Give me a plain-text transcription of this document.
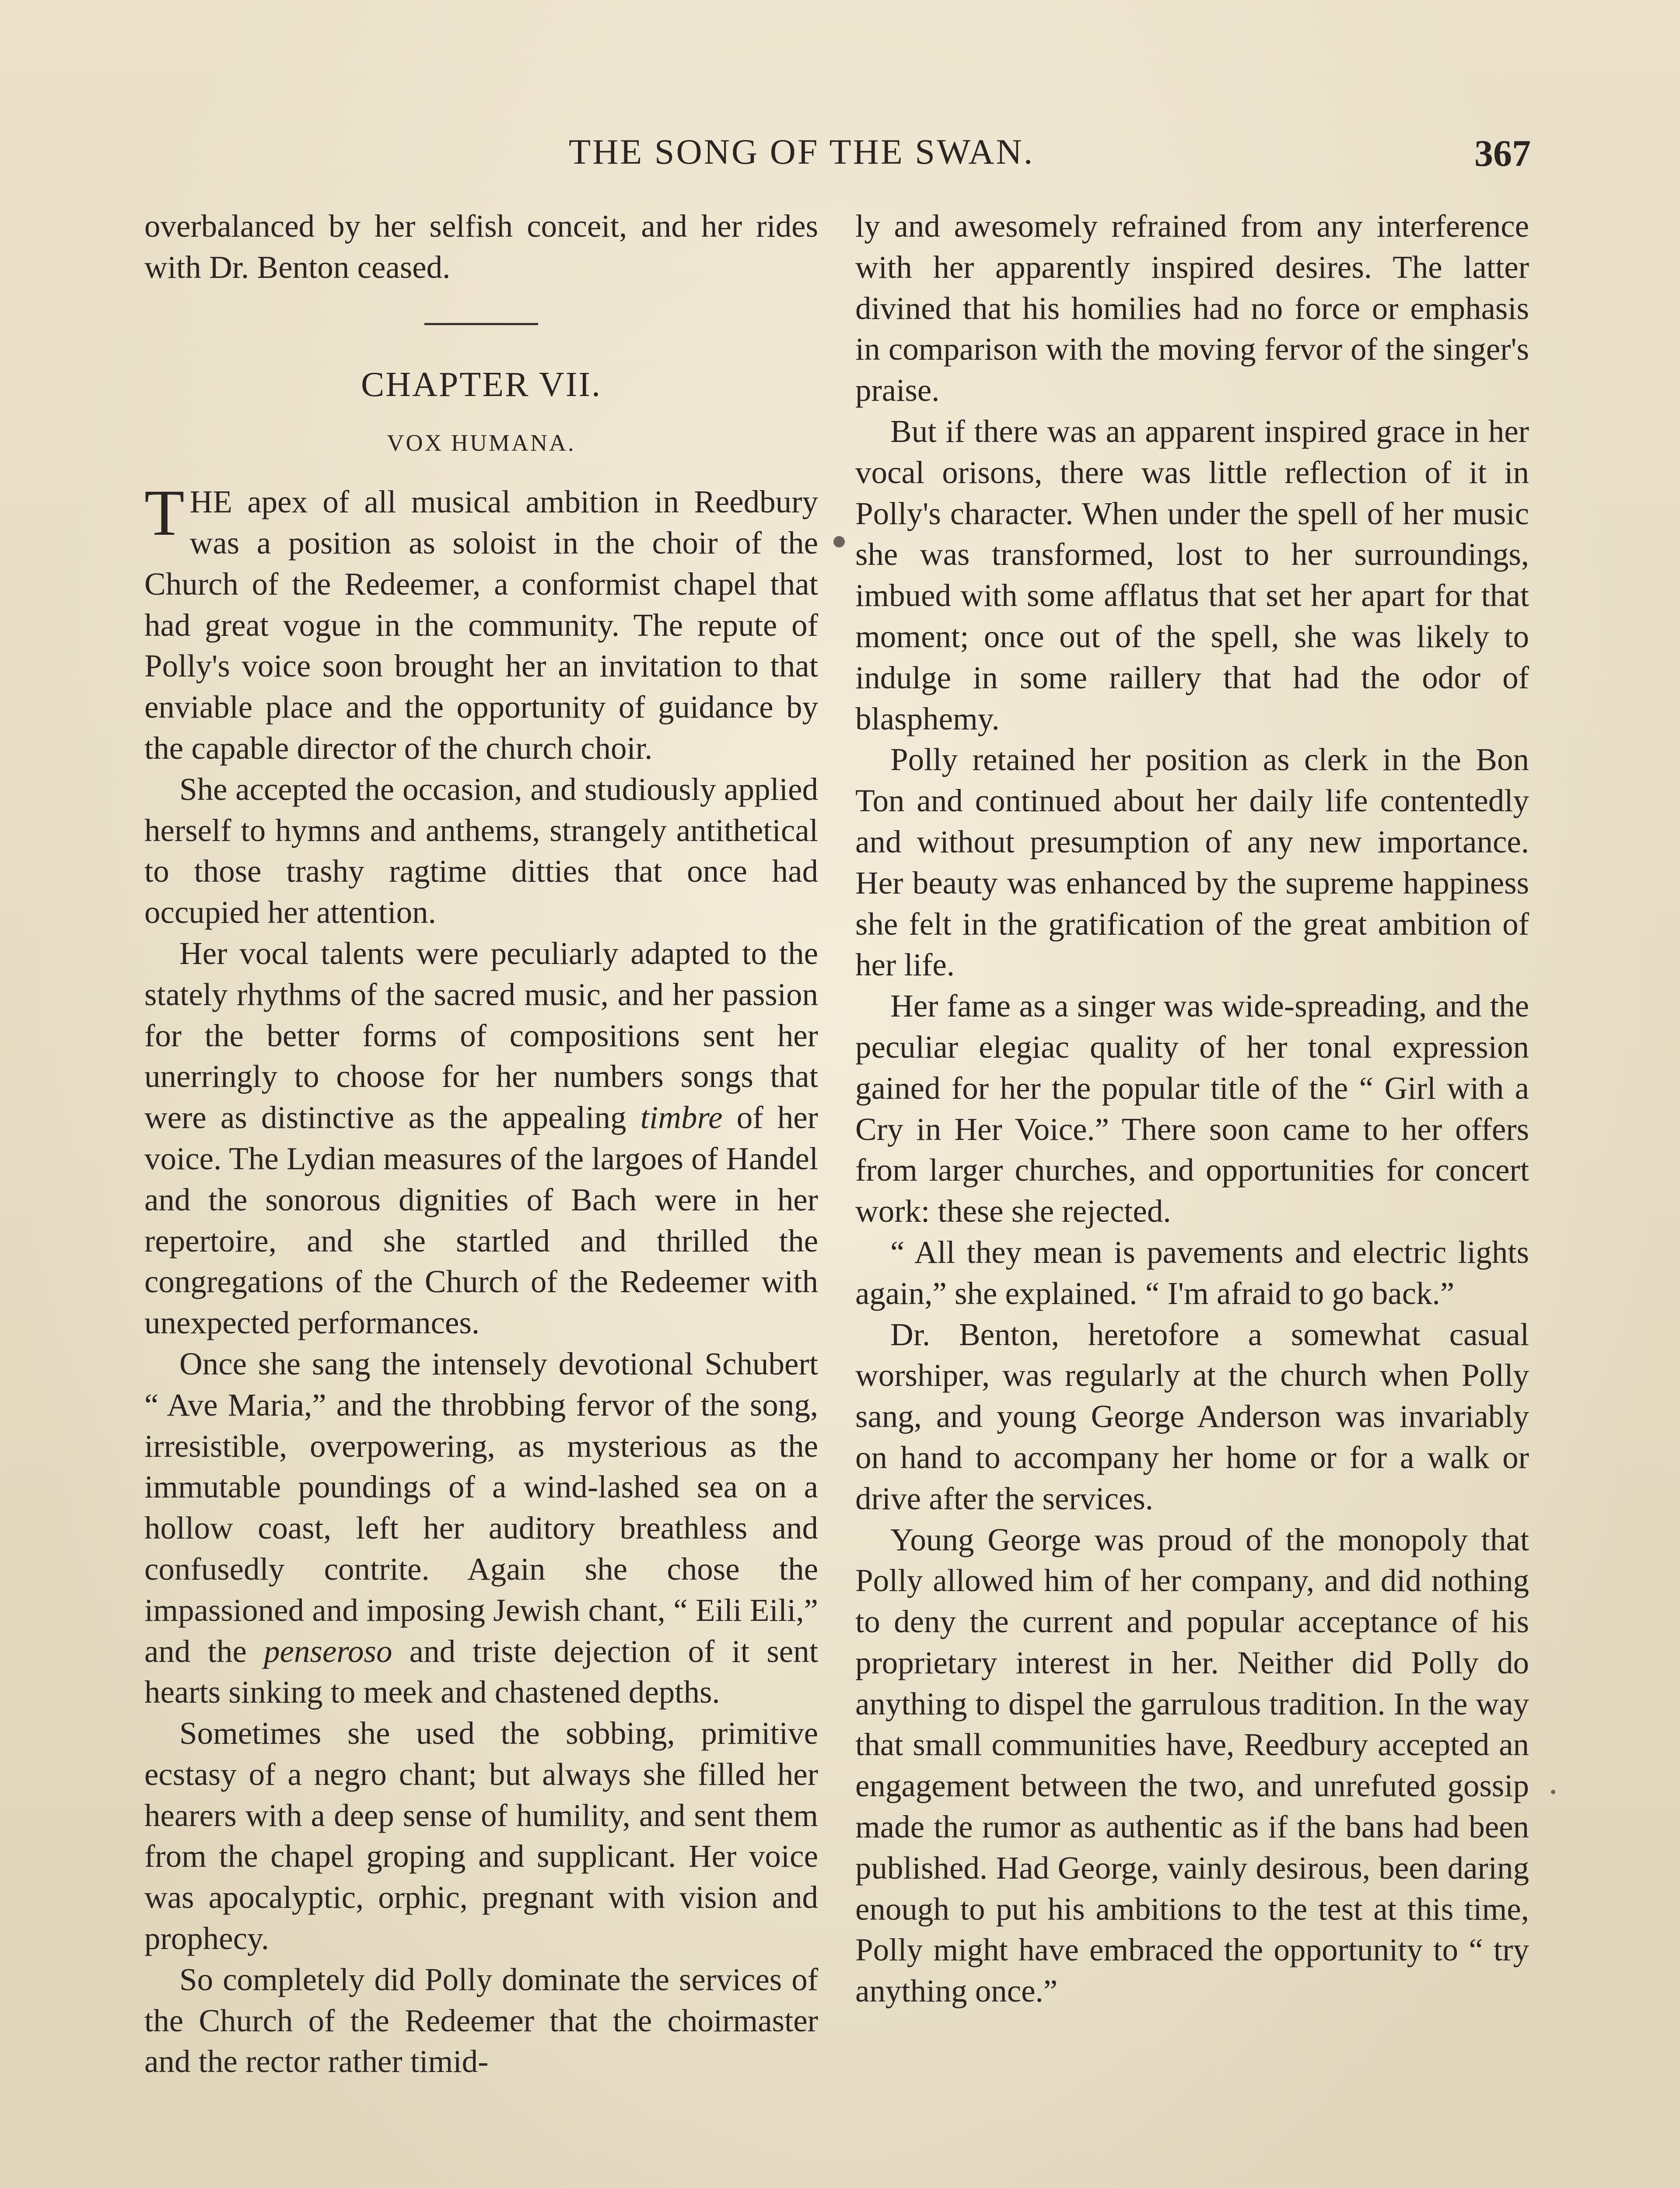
THE SONG OF THE SWAN.	367

overbalanced by her selfish conceit, and her rides with Dr. Benton ceased.

CHAPTER VII.
VOX HUMANA.

THE apex of all musical ambition in Reedbury was a position as soloist in the choir of the Church of the Redeemer, a conformist chapel that had great vogue in the community. The repute of Polly's voice soon brought her an invitation to that enviable place and the opportunity of guidance by the capable director of the church choir.

She accepted the occasion, and studiously applied herself to hymns and anthems, strangely antithetical to those trashy ragtime ditties that once had occupied her attention.

Her vocal talents were peculiarly adapted to the stately rhythms of the sacred music, and her passion for the better forms of compositions sent her unerringly to choose for her numbers songs that were as distinctive as the appealing timbre of her voice. The Lydian measures of the largoes of Handel and the sonorous dignities of Bach were in her repertoire, and she startled and thrilled the congregations of the Church of the Redeemer with unexpected performances.

Once she sang the intensely devotional Schubert “ Ave Maria,” and the throbbing fervor of the song, irresistible, overpowering, as mysterious as the immutable poundings of a wind-lashed sea on a hollow coast, left her auditory breathless and confusedly contrite. Again she chose the impassioned and imposing Jewish chant, “ Eili Eili,” and the penseroso and triste dejection of it sent hearts sinking to meek and chastened depths.

Sometimes she used the sobbing, primitive ecstasy of a negro chant; but always she filled her hearers with a deep sense of humility, and sent them from the chapel groping and supplicant. Her voice was apocalyptic, orphic, pregnant with vision and prophecy.

So completely did Polly dominate the services of the Church of the Redeemer that the choirmaster and the rector rather timid-

ly and awesomely refrained from any interference with her apparently inspired desires. The latter divined that his homilies had no force or emphasis in comparison with the moving fervor of the singer's praise.

But if there was an apparent inspired grace in her vocal orisons, there was little reflection of it in Polly's character. When under the spell of her music she was transformed, lost to her surroundings, imbued with some afflatus that set her apart for that moment; once out of the spell, she was likely to indulge in some raillery that had the odor of blasphemy.

Polly retained her position as clerk in the Bon Ton and continued about her daily life contentedly and without presumption of any new importance. Her beauty was enhanced by the supreme happiness she felt in the gratification of the great ambition of her life.

Her fame as a singer was wide-spreading, and the peculiar elegiac quality of her tonal expression gained for her the popular title of the “ Girl with a Cry in Her Voice.” There soon came to her offers from larger churches, and opportunities for concert work: these she rejected.

“ All they mean is pavements and electric lights again,” she explained. “ I'm afraid to go back.”

Dr. Benton, heretofore a somewhat casual worshiper, was regularly at the church when Polly sang, and young George Anderson was invariably on hand to accompany her home or for a walk or drive after the services.

Young George was proud of the monopoly that Polly allowed him of her company, and did nothing to deny the current and popular acceptance of his proprietary interest in her. Neither did Polly do anything to dispel the garrulous tradition. In the way that small communities have, Reedbury accepted an engagement between the two, and unrefuted gossip made the rumor as authentic as if the bans had been published. Had George, vainly desirous, been daring enough to put his ambitions to the test at this time, Polly might have embraced the opportunity to “ try anything once.”
